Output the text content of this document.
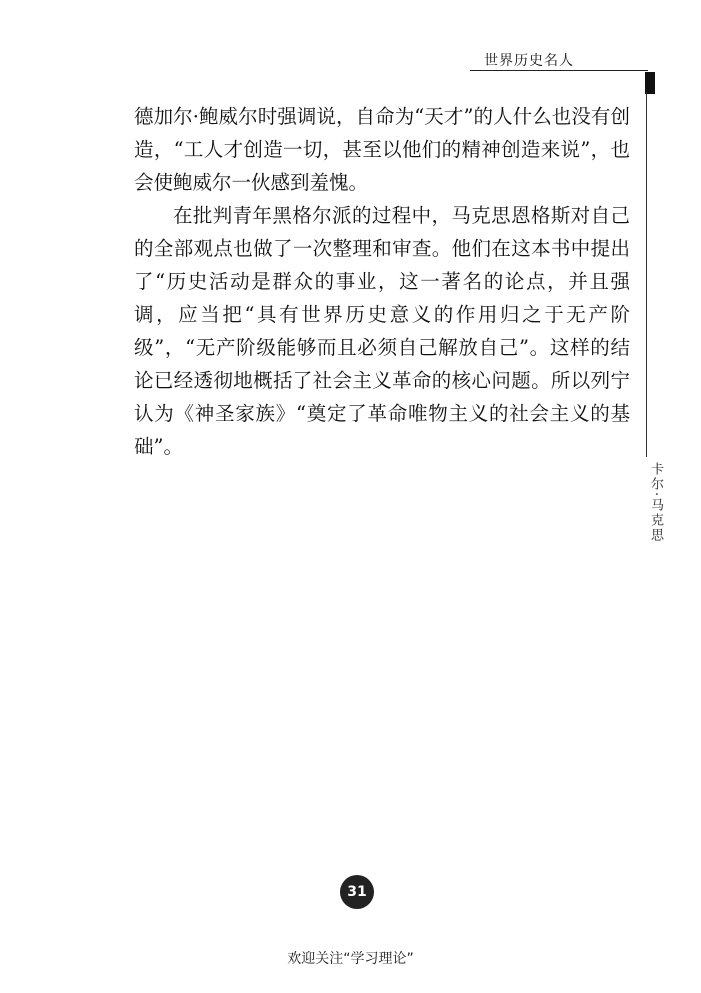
世界历史名人
卡尔·马克思

德加尔·鲍威尔时强调说，自命为“天才”的人什么也没有创造，“工人才创造一切，甚至以他们的精神创造来说”，也会使鲍威尔一伙感到羞愧。

在批判青年黑格尔派的过程中，马克思恩格斯对自己的全部观点也做了一次整理和审查。他们在这本书中提出了“历史活动是群众的事业，这一著名的论点，并且强调，应当把“具有世界历史意义的作用归之于无产阶级”，“无产阶级能够而且必须自己解放自己”。这样的结论已经透彻地概括了社会主义革命的核心问题。所以列宁认为《神圣家族》“奠定了革命唯物主义的社会主义的基础”。

31
欢迎关注“学习理论”
